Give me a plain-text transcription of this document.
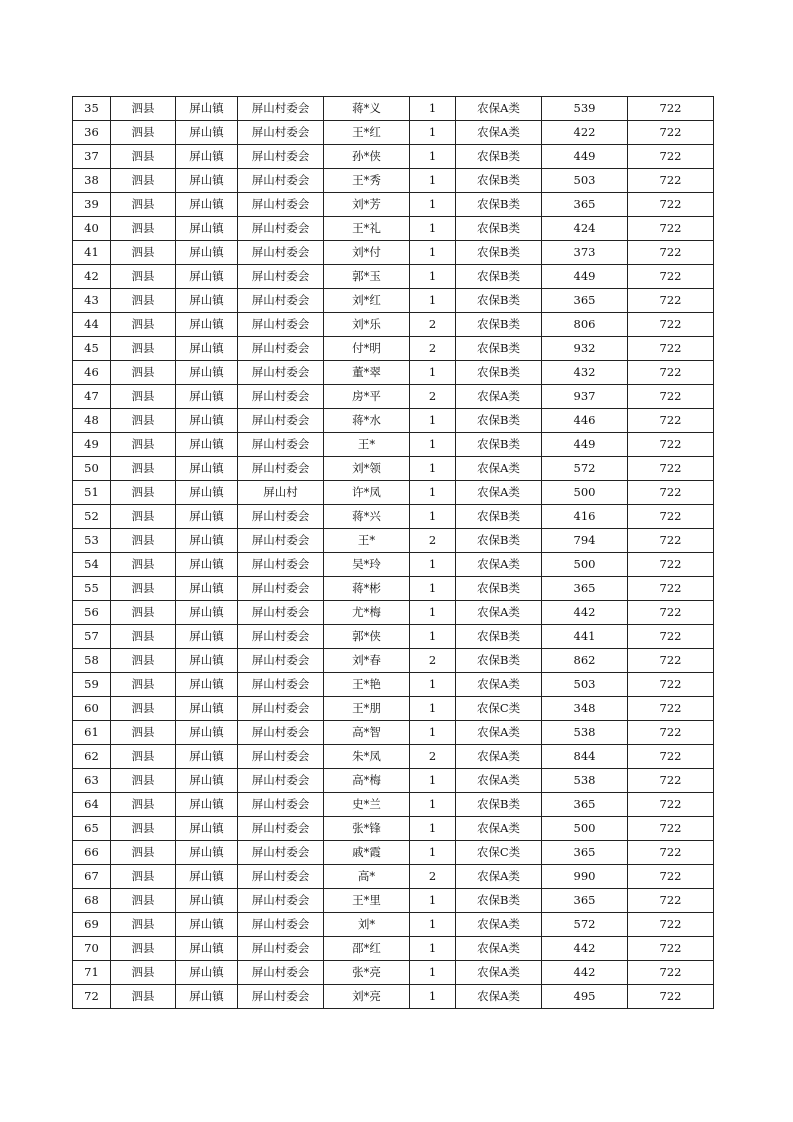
35	泗县	屏山镇	屏山村委会	蒋*义	1	农保A类	539	722
36	泗县	屏山镇	屏山村委会	王*红	1	农保A类	422	722
37	泗县	屏山镇	屏山村委会	孙*侠	1	农保B类	449	722
38	泗县	屏山镇	屏山村委会	王*秀	1	农保B类	503	722
39	泗县	屏山镇	屏山村委会	刘*芳	1	农保B类	365	722
40	泗县	屏山镇	屏山村委会	王*礼	1	农保B类	424	722
41	泗县	屏山镇	屏山村委会	刘*付	1	农保B类	373	722
42	泗县	屏山镇	屏山村委会	郭*玉	1	农保B类	449	722
43	泗县	屏山镇	屏山村委会	刘*红	1	农保B类	365	722
44	泗县	屏山镇	屏山村委会	刘*乐	2	农保B类	806	722
45	泗县	屏山镇	屏山村委会	付*明	2	农保B类	932	722
46	泗县	屏山镇	屏山村委会	董*翠	1	农保B类	432	722
47	泗县	屏山镇	屏山村委会	房*平	2	农保A类	937	722
48	泗县	屏山镇	屏山村委会	蒋*水	1	农保B类	446	722
49	泗县	屏山镇	屏山村委会	王*	1	农保B类	449	722
50	泗县	屏山镇	屏山村委会	刘*领	1	农保A类	572	722
51	泗县	屏山镇	屏山村	许*凤	1	农保A类	500	722
52	泗县	屏山镇	屏山村委会	蒋*兴	1	农保B类	416	722
53	泗县	屏山镇	屏山村委会	王*	2	农保B类	794	722
54	泗县	屏山镇	屏山村委会	吴*玲	1	农保A类	500	722
55	泗县	屏山镇	屏山村委会	蒋*彬	1	农保B类	365	722
56	泗县	屏山镇	屏山村委会	尤*梅	1	农保A类	442	722
57	泗县	屏山镇	屏山村委会	郭*侠	1	农保B类	441	722
58	泗县	屏山镇	屏山村委会	刘*春	2	农保B类	862	722
59	泗县	屏山镇	屏山村委会	王*艳	1	农保A类	503	722
60	泗县	屏山镇	屏山村委会	王*朋	1	农保C类	348	722
61	泗县	屏山镇	屏山村委会	高*智	1	农保A类	538	722
62	泗县	屏山镇	屏山村委会	朱*凤	2	农保A类	844	722
63	泗县	屏山镇	屏山村委会	高*梅	1	农保A类	538	722
64	泗县	屏山镇	屏山村委会	史*兰	1	农保B类	365	722
65	泗县	屏山镇	屏山村委会	张*锋	1	农保A类	500	722
66	泗县	屏山镇	屏山村委会	戚*霞	1	农保C类	365	722
67	泗县	屏山镇	屏山村委会	高*	2	农保A类	990	722
68	泗县	屏山镇	屏山村委会	王*里	1	农保B类	365	722
69	泗县	屏山镇	屏山村委会	刘*	1	农保A类	572	722
70	泗县	屏山镇	屏山村委会	邵*红	1	农保A类	442	722
71	泗县	屏山镇	屏山村委会	张*亮	1	农保A类	442	722
72	泗县	屏山镇	屏山村委会	刘*亮	1	农保A类	495	722
